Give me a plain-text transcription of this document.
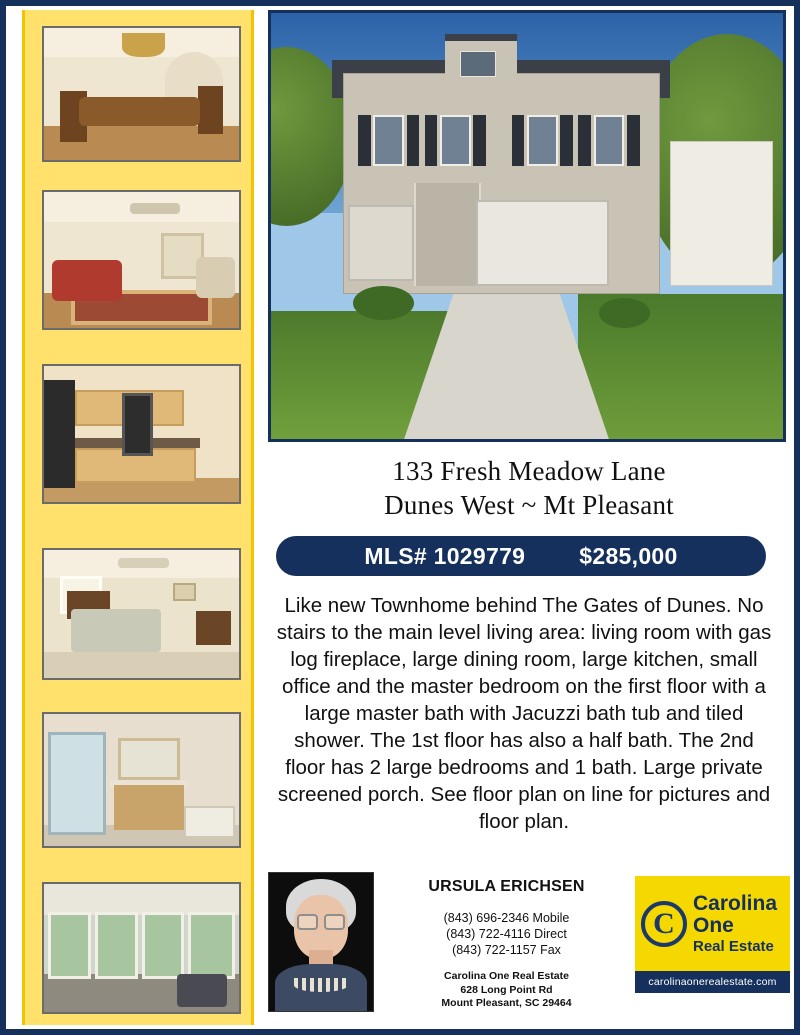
133 Fresh Meadow Lane
Dunes West ~ Mt Pleasant
MLS# 1029779 $285,000
Like new Townhome behind The Gates of Dunes. No stairs to the main level living area: living room with gas log fireplace, large dining room, large kitchen, small office and the master bedroom on the first floor with a large master bath with Jacuzzi bath tub and tiled shower. The 1st floor has also a half bath. The 2nd floor has 2 large bedrooms and 1 bath. Large private screened porch. See floor plan on line for pictures and floor plan.
URSULA ERICHSEN
(843) 696-2346 Mobile
(843) 722-4116 Direct
(843) 722-1157 Fax
Carolina One Real Estate
628 Long Point Rd
Mount Pleasant, SC 29464
C
Carolina One
Real Estate
carolinaonerealestate.com
